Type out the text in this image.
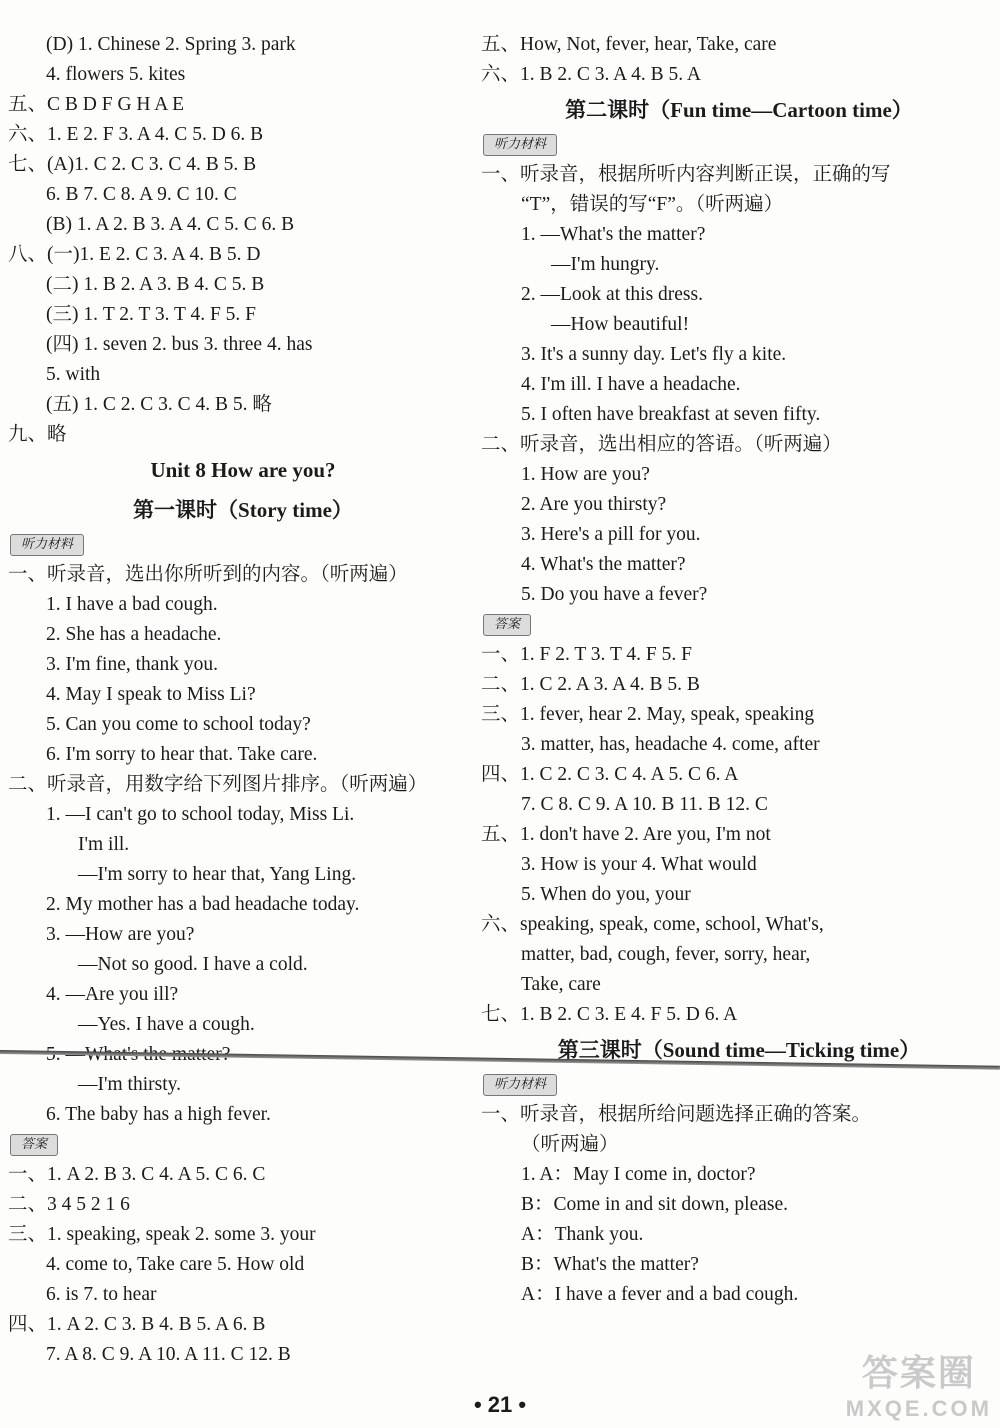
(D) 1. Chinese 2. Spring 3. park
4. flowers 5. kites
五、C B D F G H A E
六、1. E 2. F 3. A 4. C 5. D 6. B
七、(A)1. C 2. C 3. C 4. B 5. B
6. B 7. C 8. A 9. C 10. C
(B) 1. A 2. B 3. A 4. C 5. C 6. B
八、(一)1. E 2. C 3. A 4. B 5. D
(二) 1. B 2. A 3. B 4. C 5. B
(三) 1. T 2. T 3. T 4. F 5. F
(四) 1. seven 2. bus 3. three 4. has
5. with
(五) 1. C 2. C 3. C 4. B 5. 略
九、略
Unit 8 How are you?
第一课时（Story time）
听力材料
一、听录音，选出你所听到的内容。（听两遍）
1. I have a bad cough.
2. She has a headache.
3. I'm fine, thank you.
4. May I speak to Miss Li?
5. Can you come to school today?
6. I'm sorry to hear that. Take care.
二、听录音，用数字给下列图片排序。（听两遍）
1. —I can't go to school today, Miss Li.
I'm ill.
—I'm sorry to hear that, Yang Ling.
2. My mother has a bad headache today.
3. —How are you?
—Not so good. I have a cold.
4. —Are you ill?
—Yes. I have a cough.
—I'm thirsty.
6. The baby has a high fever.
答案
一、1. A 2. B 3. C 4. A 5. C 6. C
二、3 4 5 2 1 6
三、1. speaking, speak 2. some 3. your
4. come to, Take care 5. How old
6. is 7. to hear
四、1. A 2. C 3. B 4. B 5. A 6. B
7. A 8. C 9. A 10. A 11. C 12. B
五、How, Not, fever, hear, Take, care
六、1. B 2. C 3. A 4. B 5. A
第二课时（Fun time—Cartoon time）
听力材料
一、听录音，根据所听内容判断正误，正确的写
“T”，错误的写“F”。（听两遍）
1. —What's the matter?
—I'm hungry.
2. —Look at this dress.
—How beautiful!
3. It's a sunny day. Let's fly a kite.
4. I'm ill. I have a headache.
5. I often have breakfast at seven fifty.
二、听录音，选出相应的答语。（听两遍）
1. How are you?
2. Are you thirsty?
3. Here's a pill for you.
4. What's the matter?
5. Do you have a fever?
答案
一、1. F 2. T 3. T 4. F 5. F
二、1. C 2. A 3. A 4. B 5. B
三、1. fever, hear 2. May, speak, speaking
3. matter, has, headache 4. come, after
四、1. C 2. C 3. C 4. A 5. C 6. A
7. C 8. C 9. A 10. B 11. B 12. C
五、1. don't have 2. Are you, I'm not
3. How is your 4. What would
5. When do you, your
六、speaking, speak, come, school, What's,
matter, bad, cough, fever, sorry, hear,
Take, care
七、1. B 2. C 3. E 4. F 5. D 6. A
第三课时（Sound time—Ticking time）
听力材料
一、听录音，根据所给问题选择正确的答案。
（听两遍）
1. A：May I come in, doctor?
B：Come in and sit down, please.
A：Thank you.
B：What's the matter?
A：I have a fever and a bad cough.
• 21 •
答案圈
MXQE.COM
